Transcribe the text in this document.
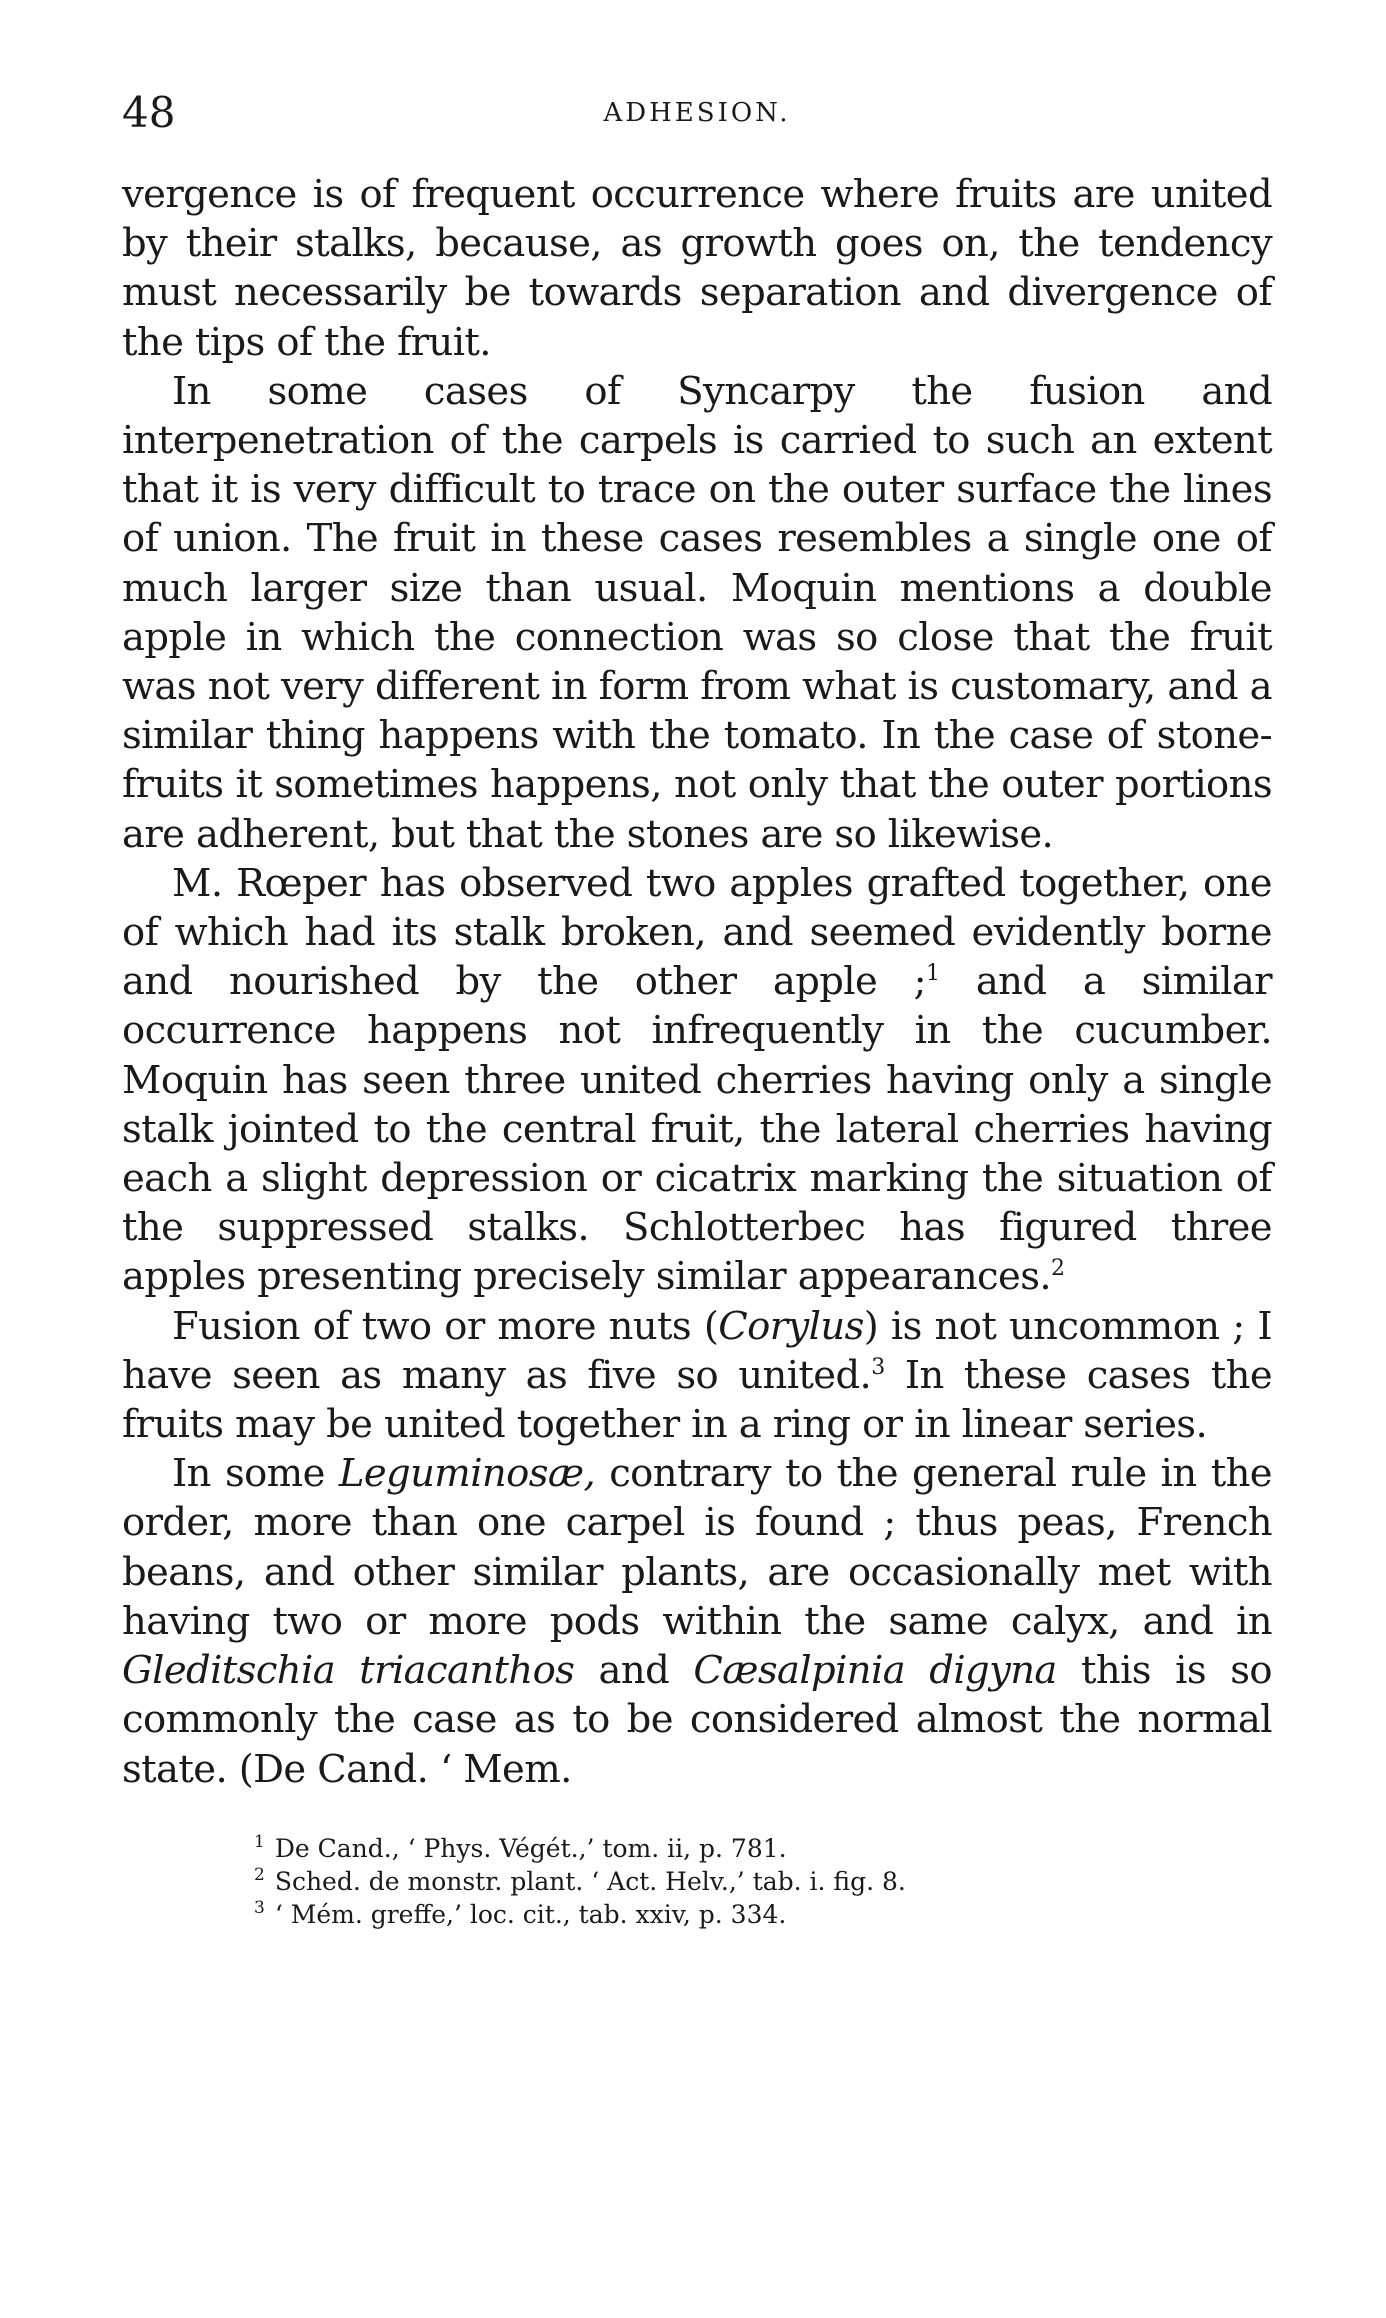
48	ADHESION.

vergence is of frequent occurrence where fruits are united by their stalks, because, as growth goes on, the tendency must necessarily be towards separation and divergence of the tips of the fruit.

In some cases of Syncarpy the fusion and interpenetration of the carpels is carried to such an extent that it is very difficult to trace on the outer surface the lines of union. The fruit in these cases resembles a single one of much larger size than usual. Moquin mentions a double apple in which the connection was so close that the fruit was not very different in form from what is customary, and a similar thing happens with the tomato. In the case of stone-fruits it sometimes happens, not only that the outer portions are adherent, but that the stones are so likewise.

M. Rœper has observed two apples grafted together, one of which had its stalk broken, and seemed evidently borne and nourished by the other apple ;$^1$ and a similar occurrence happens not infrequently in the cucumber. Moquin has seen three united cherries having only a single stalk jointed to the central fruit, the lateral cherries having each a slight depression or cicatrix marking the situation of the suppressed stalks. Schlotterbec has figured three apples presenting precisely similar appearances.$^2$

Fusion of two or more nuts (Corylus) is not uncommon ; I have seen as many as five so united.$^3$ In these cases the fruits may be united together in a ring or in linear series.

In some Leguminosæ, contrary to the general rule in the order, more than one carpel is found ; thus peas, French beans, and other similar plants, are occasionally met with having two or more pods within the same calyx, and in Gleditschia triacanthos and Cæsalpinia digyna this is so commonly the case as to be considered almost the normal state. (De Cand. ‘ Mem.

$^1$ De Cand., ‘ Phys. Végét.,’ tom. ii, p. 781.

$^2$ Sched. de monstr. plant. ‘ Act. Helv.,’ tab. i. fig. 8.

$^3$ ‘ Mém. greffe,’ loc. cit., tab. xxiv, p. 334.
